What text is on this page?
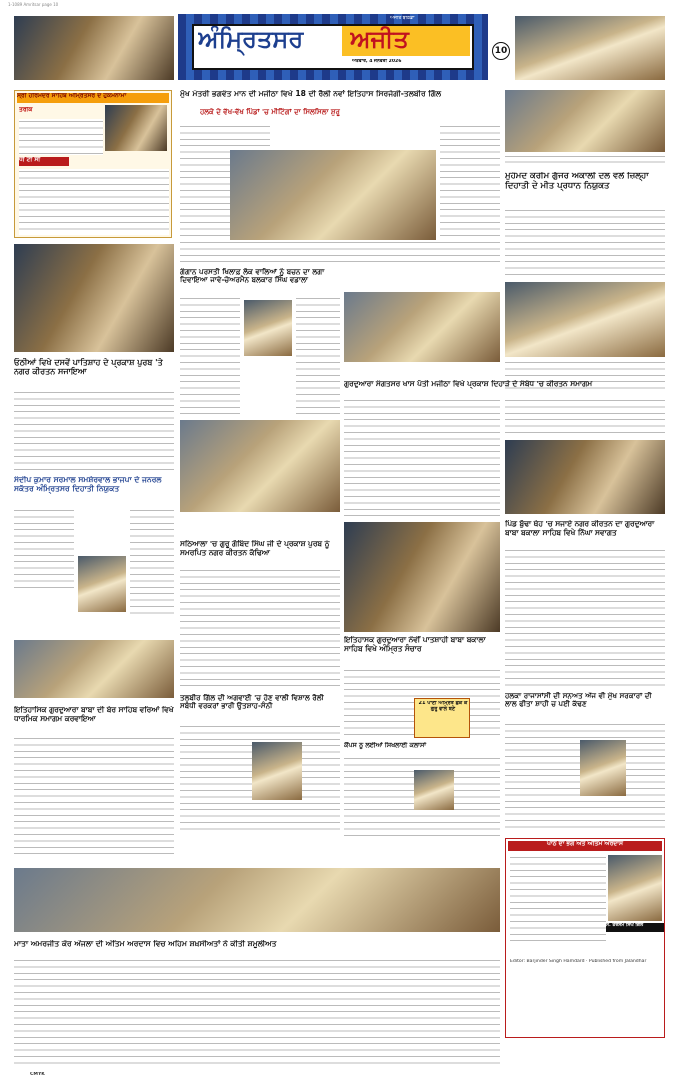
1-1089 Amritsar page 10
ਅੰਮ੍ਰਿਤਸਰ	ਅਜੀਤ
ਅਜੀਤ ਬਠਿੰਡਾ
ਐਤਵਾਰ, 4 ਜਨਵਰੀ 2026
10
ਸ੍ਰੀ ਹਰਿਮੰਦਰ ਸਾਹਿਬ ਅੰਮ੍ਰਿਤਸਰ ਦੇ ਹੁਕਮਨਾਮਾ
ਤਰੀਕ
ਧੀ ਟੀ ਸੀ
ਮੁੱਖ ਮੰਤਰੀ ਭਗਵੰਤ ਮਾਨ ਦੀ ਮਜੀਠਾ ਵਿਖੇ 18 ਦੀ ਰੈਲੀ ਨਵਾਂ ਇਤਿਹਾਸ ਸਿਰਜੇਗੀ-ਤਲਬੀਰ ਗਿੱਲ
ਹਲਕੇ ਦੇ ਵੱਖ-ਵੱਖ ਪਿੰਡਾਂ 'ਚ ਮੀਟਿੰਗਾਂ ਦਾ ਸਿਲਸਿਲਾ ਸ਼ੁਰੂ
ਮੁਹੰਮਦ ਕਰੀਮ ਗੁੱਜਰ ਅਕਾਲੀ ਦਲ ਵਲੋਂ ਜ਼ਿਲ੍ਹਾ ਦਿਹਾਤੀ ਦੇ ਮੀਤ ਪ੍ਰਧਾਨ ਨਿਯੁਕਤ
ਓਠੀਆਂ ਵਿਖੇ ਦਸਵੇਂ ਪਾਤਿਸ਼ਾਹ ਦੇ ਪ੍ਰਕਾਸ਼ ਪੁਰਬ 'ਤੇ ਨਗਰ ਕੀਰਤਨ ਸਜਾਇਆ
ਗੰਗਾਨ ਪਰਸਤੀ ਖਿਲਾਫ਼ ਲੋਕ ਵਾਲਿਆਂ ਨੂੰ ਬਚਨ ਦਾ ਲਗਾ ਦਿਵਾਇਆ ਜਾਵੇ-ਚੇਅਰਮੈਨ ਬਲਕਾਰ ਸਿੰਘ ਵਡਾਲਾ
ਗੁਰਦੁਆਰਾ ਸੰਗਤਸਰ ਖਾਸ ਪੱਤੀ ਮਜੀਠਾ ਵਿਖੇ ਪ੍ਰਕਾਸ਼ ਦਿਹਾੜੇ ਦੇ ਸੰਬੰਧ 'ਚ ਕੀਰਤਨ ਸਮਾਗਮ
ਸੰਦੀਪ ਕੁਮਾਰ ਸਰਮਾਲ ਸਮਸ਼ੇਰਵਾਲ ਭਾਜਪਾ ਦੇ ਜਨਰਲ ਸਕੱਤਰ ਅੰਮ੍ਰਿਤਸਰ ਦਿਹਾਤੀ ਨਿਯੁਕਤ
ਸਠਿਆਲਾ 'ਚ ਗੁਰੂ ਗੋਬਿੰਦ ਸਿੰਘ ਜੀ ਦੇ ਪ੍ਰਕਾਸ਼ ਪੁਰਬ ਨੂੰ ਸਮਰਪਿਤ ਨਗਰ ਕੀਰਤਨ ਕੱਢਿਆ
ਪਿੰਡ ਬੁੱਢਾ ਥੇਹ 'ਚ ਸਜਾਏ ਨਗਰ ਕੀਰਤਨ ਦਾ ਗੁਰਦੁਆਰਾ ਬਾਬਾ ਬਕਾਲਾ ਸਾਹਿਬ ਵਿਖੇ ਨਿੱਘਾ ਸਵਾਗਤ
ਇਤਿਹਾਸਕ ਗੁਰਦੁਆਰਾ ਨੌਵੀਂ ਪਾਤਸ਼ਾਹੀ ਬਾਬਾ ਬਕਾਲਾ ਸਾਹਿਬ ਵਿਖੇ ਅੰਮ੍ਰਿਤ ਸੰਚਾਰ
21 ਪਾਣੀ ਅੰਮ੍ਰਿਤ ਛਕ ਕੇ ਗੁਰੂ ਵਾਲੇ ਬਣੇ
ਕੈਂਪਸ ਨੂੰ ਲਈਆਂ ਸਿਖਲਾਈ ਕਲਾਸਾਂ
ਤਲਬੀਰ ਗਿੱਲ ਦੀ ਅਗਵਾਈ 'ਚ ਹੋਣ ਵਾਲੀ ਵਿਸ਼ਾਲ ਰੈਲੀ ਸਬੰਧੀ ਵਰਕਰਾਂ ਭਾਰੀ ਉਤਸ਼ਾਹ-ਸੰਨੀ
ਇਤਿਹਾਸਿਕ ਗੁਰਦੁਆਰਾ ਬਾਬਾ ਦੀ ਬੇਰ ਸਾਹਿਬ ਵਰਿਆਂ ਵਿਖੇ ਧਾਰਮਿਕ ਸਮਾਗਮ ਕਰਵਾਇਆ
ਹਲਕਾ ਰਾਜਾਸਾਂਸੀ ਦੀ ਸਨਅਤ ਅੱਜ ਵੀ ਮੁੱਖ ਸਰਕਾਰਾਂ ਦੀ ਲਾਲ ਫੀਤਾ ਸ਼ਾਹੀ ਚ ਪਈ ਕੱਢਣ
ਮਾਤਾ ਅਮਰਜੀਤ ਕੌਰ ਔਜਲਾ ਦੀ ਅੰਤਿਮ ਅਰਦਾਸ ਵਿਚ ਅਹਿਮ ਸ਼ਖ਼ਸੀਅਤਾਂ ਨੇ ਕੀਤੀ ਸ਼ਮੂਲੀਅਤ
ਪਾਠ ਦਾ ਭੋਗ ਅਤੇ ਅੰਤਿਮ ਅਰਦਾਸ
ਸ. ਤਰਸੇਮ ਸਿੰਘ ਗਿੱਲ
Editor: Barjinder Singh Hamdard · Published from Jalandhar
CMYK
